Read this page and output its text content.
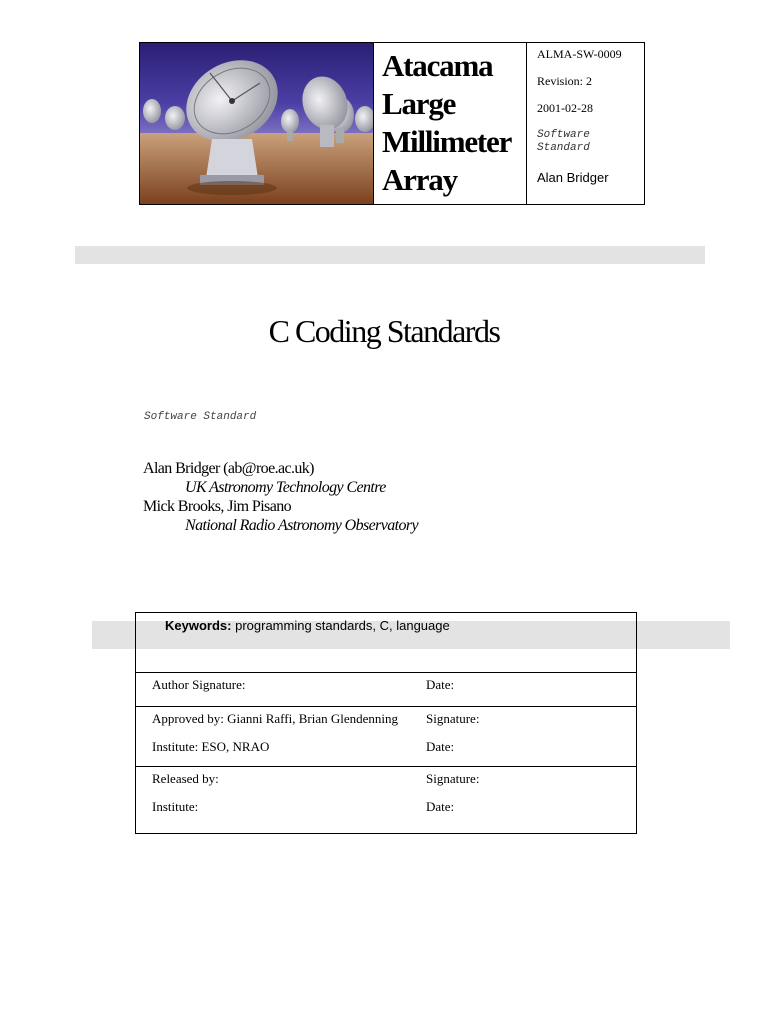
Atacama
Large
Millimeter
Array
ALMA-SW-0009
Revision: 2
2001-02-28
Software
Standard
Alan Bridger
C Coding Standards
Software Standard
Alan Bridger (ab@roe.ac.uk)
UK Astronomy Technology Centre
Mick Brooks, Jim Pisano
National Radio Astronomy Observatory
Keywords: programming standards, C, language
Author Signature:	Date:
Approved by: Gianni Raffi, Brian Glendenning Signature:
Institute: ESO, NRAO	Date:
Released by:	Signature:
Institute:	Date:
